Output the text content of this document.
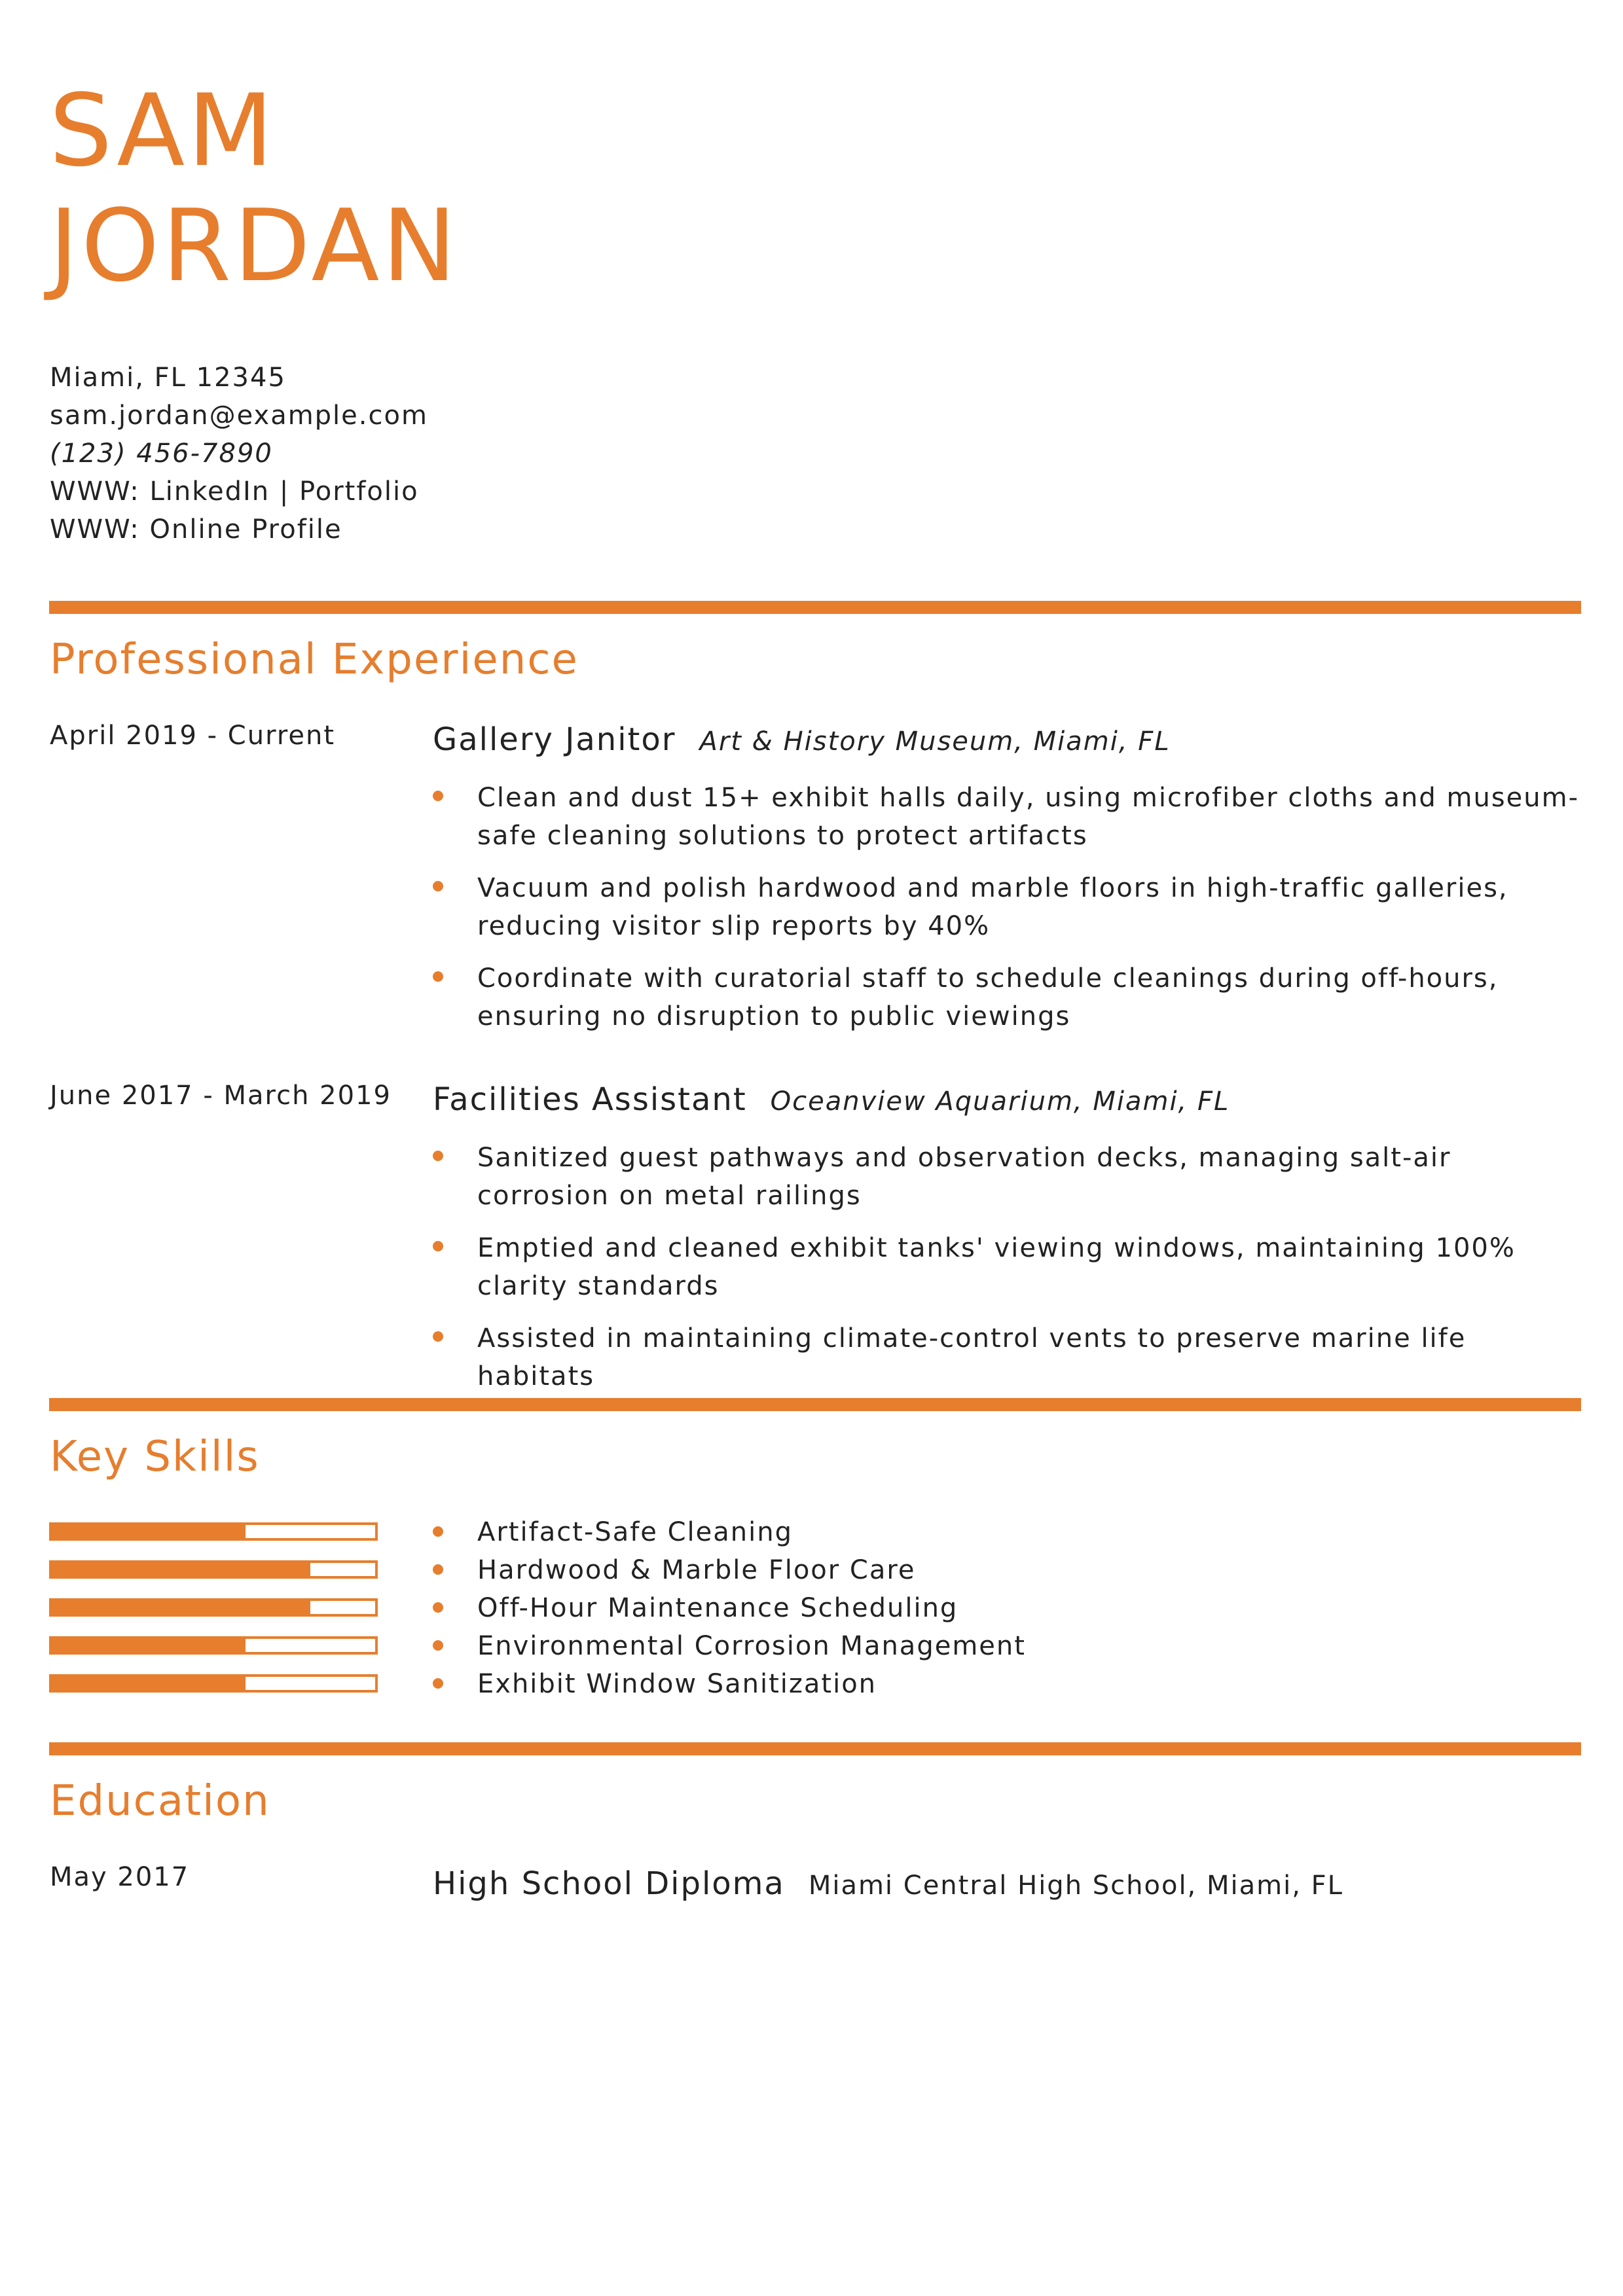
SAM
JORDAN
Miami, FL 12345
sam.jordan@example.com
(123) 456-7890
WWW: LinkedIn | Portfolio
WWW: Online Profile
Professional Experience
April 2019 - Current	Gallery Janitor Art & History Museum, Miami, FL
Clean and dust 15+ exhibit halls daily, using microfiber cloths and museum-safe cleaning solutions to protect artifacts
Vacuum and polish hardwood and marble floors in high-traffic galleries, reducing visitor slip reports by 40%
Coordinate with curatorial staff to schedule cleanings during off-hours, ensuring no disruption to public viewings
June 2017 - March 2019 Facilities Assistant Oceanview Aquarium, Miami, FL
Sanitized guest pathways and observation decks, managing salt-air corrosion on metal railings
Emptied and cleaned exhibit tanks' viewing windows, maintaining 100% clarity standards
Assisted in maintaining climate-control vents to preserve marine life habitats
Key Skills
Artifact-Safe Cleaning
Hardwood & Marble Floor Care
Off-Hour Maintenance Scheduling
Environmental Corrosion Management
Exhibit Window Sanitization
Education
May 2017	High School Diploma Miami Central High School, Miami, FL
